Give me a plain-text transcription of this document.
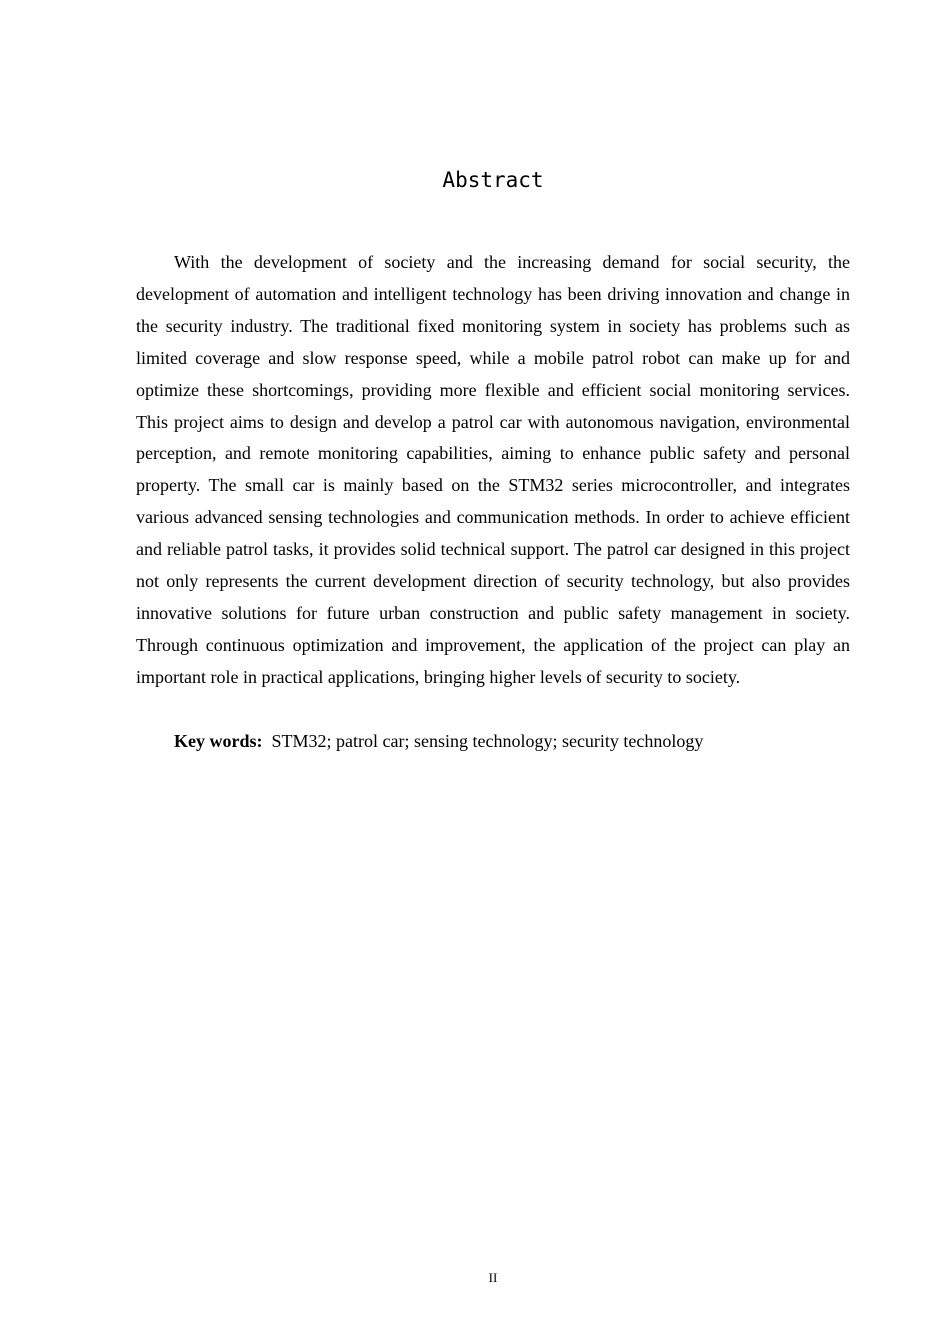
Abstract

With the development of society and the increasing demand for social security, the development of automation and intelligent technology has been driving innovation and change in the security industry. The traditional fixed monitoring system in society has problems such as limited coverage and slow response speed, while a mobile patrol robot can make up for and optimize these shortcomings, providing more flexible and efficient social monitoring services. This project aims to design and develop a patrol car with autonomous navigation, environmental perception, and remote monitoring capabilities, aiming to enhance public safety and personal property. The small car is mainly based on the STM32 series microcontroller, and integrates various advanced sensing technologies and communication methods. In order to achieve efficient and reliable patrol tasks, it provides solid technical support. The patrol car designed in this project not only represents the current development direction of security technology, but also provides innovative solutions for future urban construction and public safety management in society. Through continuous optimization and improvement, the application of the project can play an important role in practical applications, bringing higher levels of security to society.

Key words: STM32; patrol car; sensing technology; security technology

II
